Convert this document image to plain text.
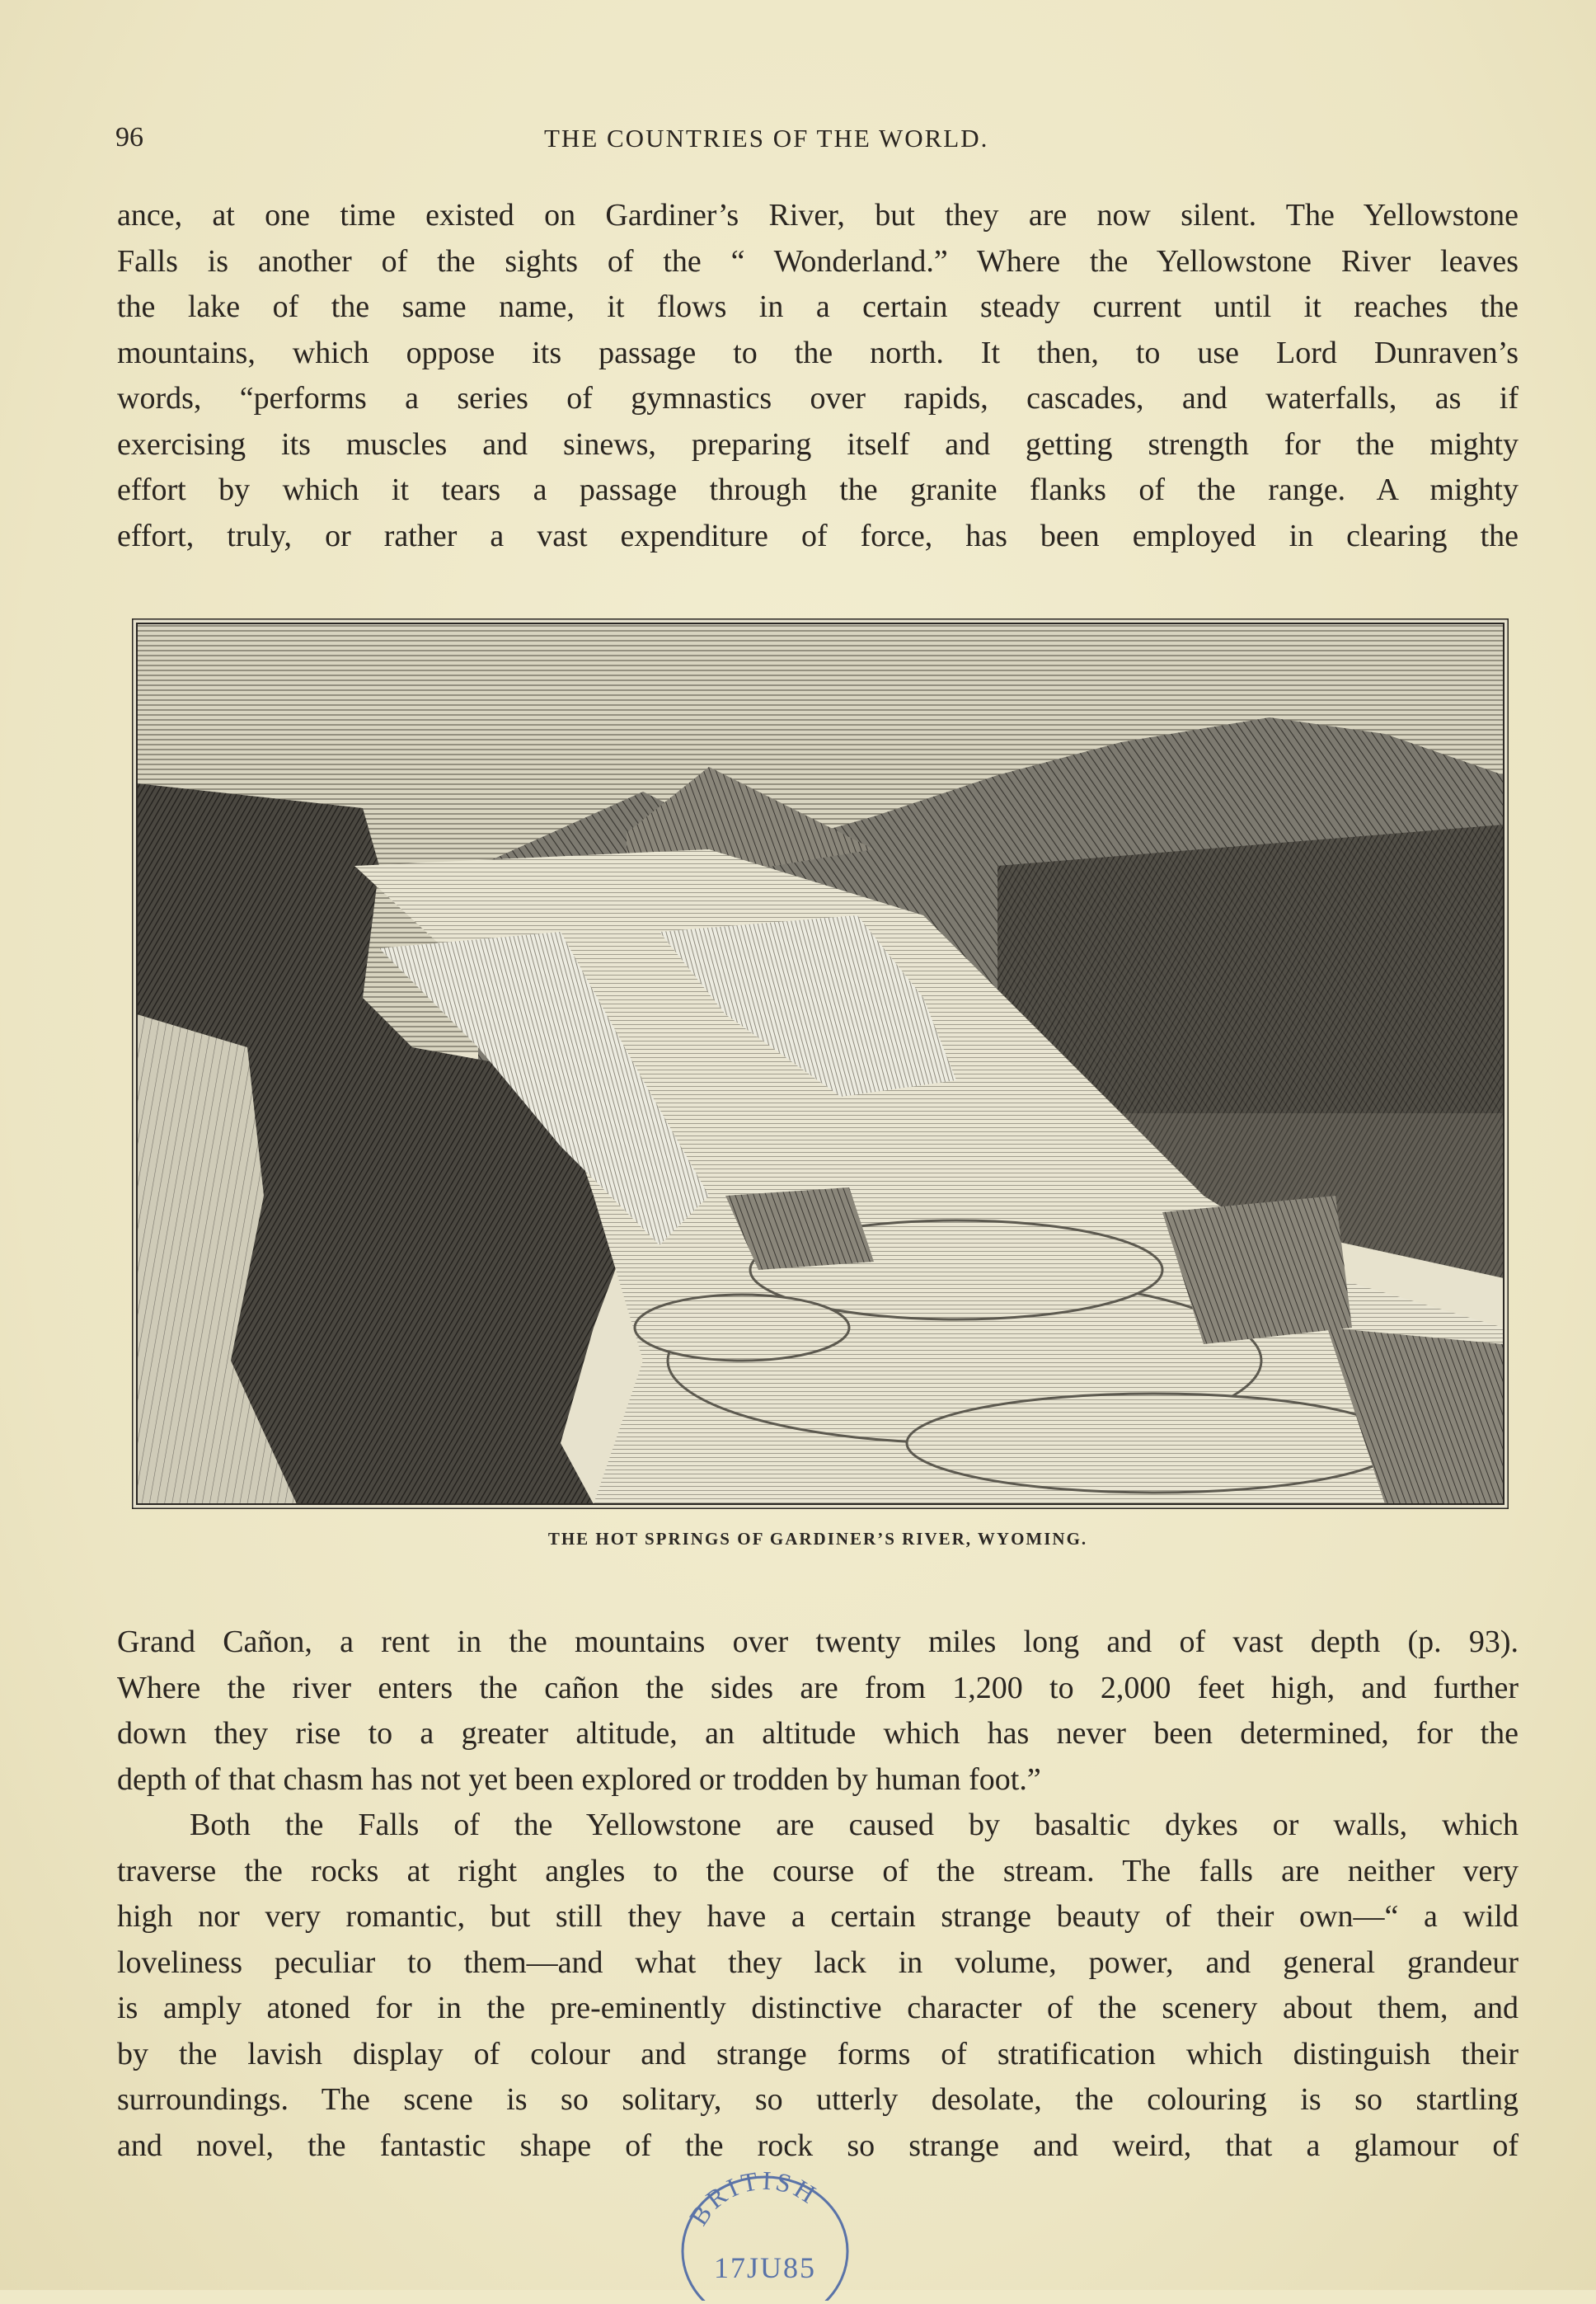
96	THE COUNTRIES OF THE WORLD.
ance, at one time existed on Gardiner’s River, but they are now silent. The Yellowstone
Falls is another of the sights of the “ Wonderland.” Where the Yellowstone River leaves
the lake of the same name, it flows in a certain steady current until it reaches the
mountains, which oppose its passage to the north. It then, to use Lord Dunraven’s
words, “performs a series of gymnastics over rapids, cascades, and waterfalls, as if
exercising its muscles and sinews, preparing itself and getting strength for the mighty
effort by which it tears a passage through the granite flanks of the range. A mighty
effort, truly, or rather a vast expenditure of force, has been employed in clearing the
THE HOT SPRINGS OF GARDINER’S RIVER, WYOMING.
Grand Cañon, a rent in the mountains over twenty miles long and of vast depth (p. 93).
Where the river enters the cañon the sides are from 1,200 to 2,000 feet high, and further
down they rise to a greater altitude, an altitude which has never been determined, for the
depth of that chasm has not yet been explored or trodden by human foot.”
Both the Falls of the Yellowstone are caused by basaltic dykes or walls, which
traverse the rocks at right angles to the course of the stream. The falls are neither very
high nor very romantic, but still they have a certain strange beauty of their own—“ a wild
loveliness peculiar to them—and what they lack in volume, power, and general grandeur
is amply atoned for in the pre-eminently distinctive character of the scenery about them, and
by the lavish display of colour and strange forms of stratification which distinguish their
surroundings. The scene is so solitary, so utterly desolate, the colouring is so startling
and novel, the fantastic shape of the rock so strange and weird, that a glamour of
BRITISH
17JU85
